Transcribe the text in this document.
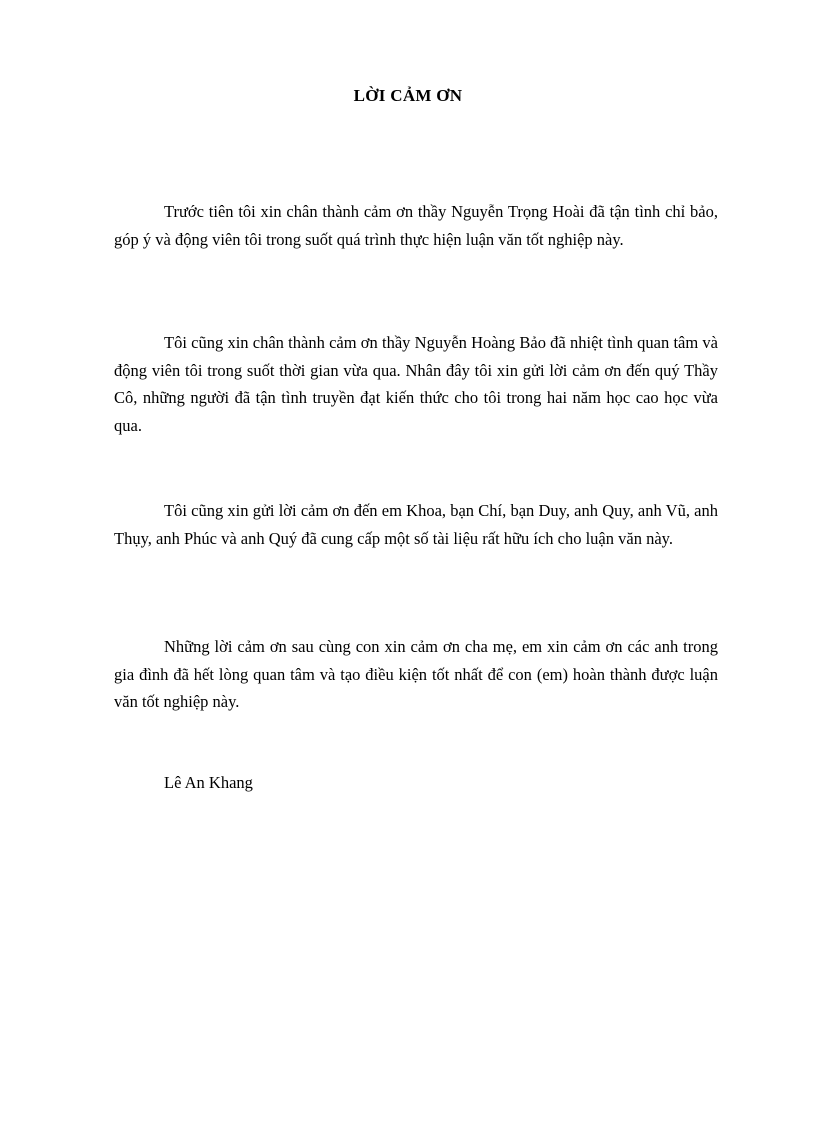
LỜI CẢM ƠN

Trước tiên tôi xin chân thành cảm ơn thầy Nguyễn Trọng Hoài đã tận tình chỉ bảo, góp ý và động viên tôi trong suốt quá trình thực hiện luận văn tốt nghiệp này.

Tôi cũng xin chân thành cảm ơn thầy Nguyễn Hoàng Bảo đã nhiệt tình quan tâm và động viên tôi trong suốt thời gian vừa qua. Nhân đây tôi xin gửi lời cảm ơn đến quý Thầy Cô, những người đã tận tình truyền đạt kiến thức cho tôi trong hai năm học cao học vừa qua.

Tôi cũng xin gửi lời cảm ơn đến em Khoa, bạn Chí, bạn Duy, anh Quy, anh Vũ, anh Thụy, anh Phúc và anh Quý đã cung cấp một số tài liệu rất hữu ích cho luận văn này.

Những lời cảm ơn sau cùng con xin cảm ơn cha mẹ, em xin cảm ơn các anh trong gia đình đã hết lòng quan tâm và tạo điều kiện tốt nhất để con (em) hoàn thành được luận văn tốt nghiệp này.

Lê An Khang
